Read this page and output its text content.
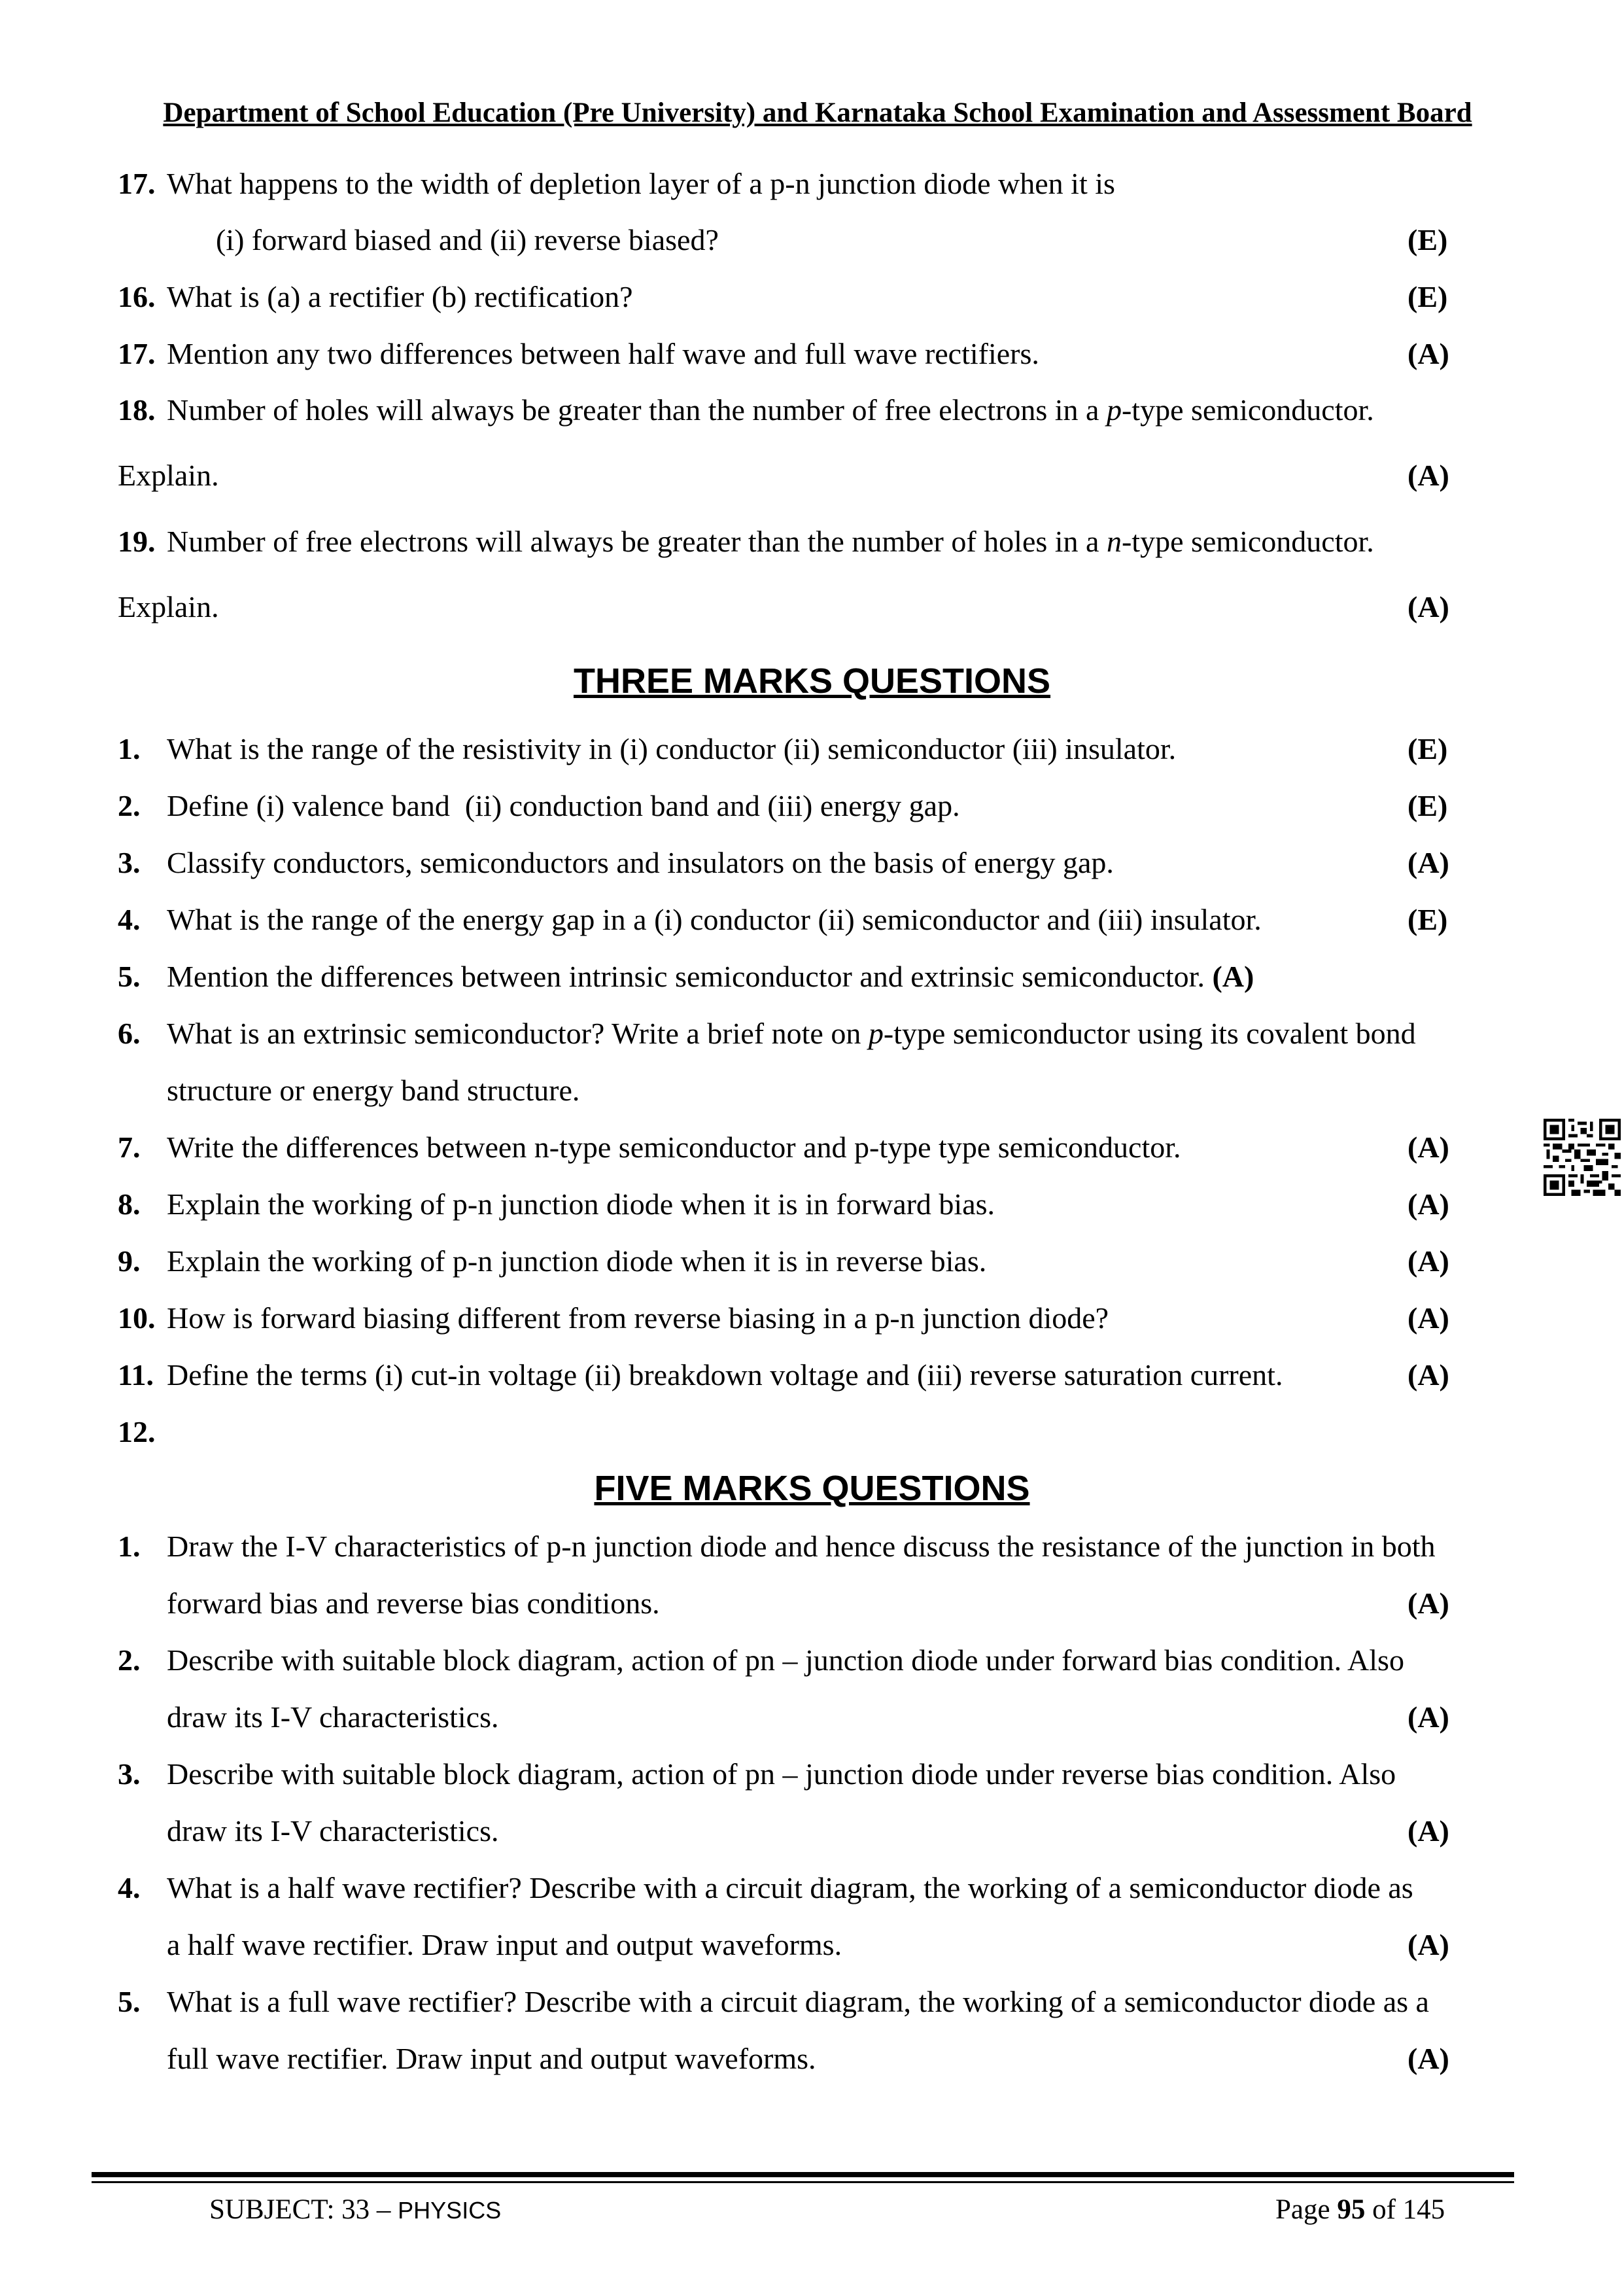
Department of School Education (Pre University) and Karnataka School Examination and Assessment Board
17. What happens to the width of depletion layer of a p-n junction diode when it is
(i) forward biased and (ii) reverse biased?	(E)
16. What is (a) a rectifier (b) rectification?	(E)
17. Mention any two differences between half wave and full wave rectifiers.	(A)
18. Number of holes will always be greater than the number of free electrons in a p-type semiconductor.
Explain.	(A)
19. Number of free electrons will always be greater than the number of holes in a n-type semiconductor.
Explain.	(A)
THREE MARKS QUESTIONS
1. What is the range of the resistivity in (i) conductor (ii) semiconductor (iii) insulator.	(E)
2. Define (i) valence band  (ii) conduction band and (iii) energy gap.	(E)
3. Classify conductors, semiconductors and insulators on the basis of energy gap.	(A)
4. What is the range of the energy gap in a (i) conductor (ii) semiconductor and (iii) insulator.	(E)
5. Mention the differences between intrinsic semiconductor and extrinsic semiconductor. (A)
6. What is an extrinsic semiconductor? Write a brief note on p-type semiconductor using its covalent bond
structure or energy band structure.
7. Write the differences between n-type semiconductor and p-type type semiconductor.	(A)
8. Explain the working of p-n junction diode when it is in forward bias.	(A)
9. Explain the working of p-n junction diode when it is in reverse bias.	(A)
10. How is forward biasing different from reverse biasing in a p-n junction diode?	(A)
11. Define the terms (i) cut-in voltage (ii) breakdown voltage and (iii) reverse saturation current.	(A)
12.
FIVE MARKS QUESTIONS
1. Draw the I-V characteristics of p-n junction diode and hence discuss the resistance of the junction in both
forward bias and reverse bias conditions.	(A)
2. Describe with suitable block diagram, action of pn – junction diode under forward bias condition. Also
draw its I-V characteristics.	(A)
3. Describe with suitable block diagram, action of pn – junction diode under reverse bias condition. Also
draw its I-V characteristics.	(A)
4. What is a half wave rectifier? Describe with a circuit diagram, the working of a semiconductor diode as
a half wave rectifier. Draw input and output waveforms.	(A)
5. What is a full wave rectifier? Describe with a circuit diagram, the working of a semiconductor diode as a
full wave rectifier. Draw input and output waveforms.	(A)
SUBJECT: 33 – PHYSICS	Page 95 of 145
